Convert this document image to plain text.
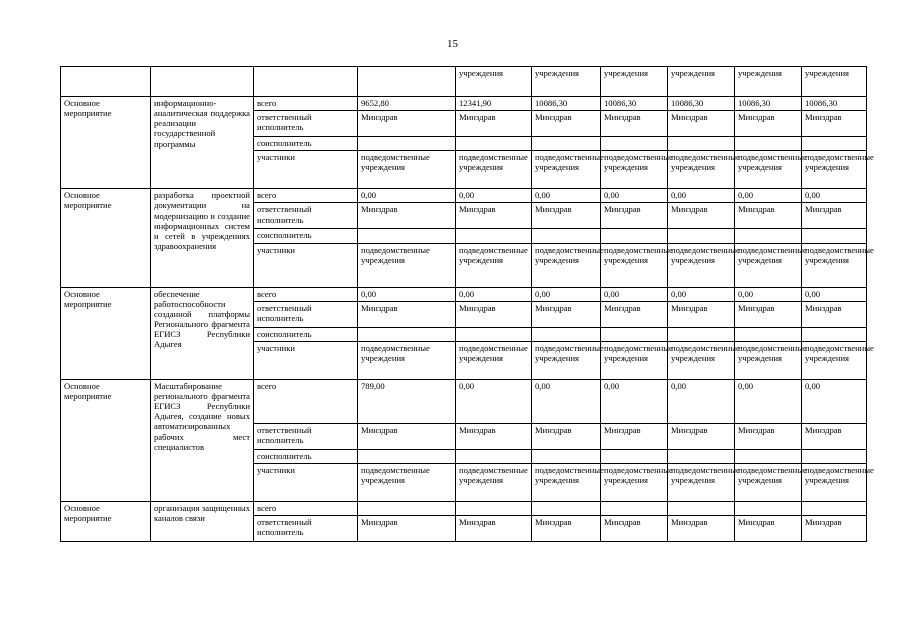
15
				учреждения	учреждения	учреждения	учреждения	учреждения	учреждения
Основное мероприятие	информационно-аналитическая поддержка реализации государственной программы	всего	9652,80	12341,90	10086,30	10086,30	10086,30	10086,30	10086,30
		ответственный исполнитель	Минздрав	Минздрав	Минздрав	Минздрав	Минздрав	Минздрав	Минздрав
		соисполнитель							
		участники	подведомственные учреждения	подведомственные учреждения	подведомственные учреждения	подведомственные учреждения	подведомственные учреждения	подведомственные учреждения	подведомственные учреждения
Основное мероприятие	разработка проектной документации на модернизацию и создание информационных систем и сетей в учреждениях здравоохранения	всего	0,00	0,00	0,00	0,00	0,00	0,00	0,00
		ответственный исполнитель	Минздрав	Минздрав	Минздрав	Минздрав	Минздрав	Минздрав	Минздрав
		соисполнитель							
		участники	подведомственные учреждения	подведомственные учреждения	подведомственные учреждения	подведомственные учреждения	подведомственные учреждения	подведомственные учреждения	подведомственные учреждения
Основное мероприятие	обеспечение работоспособности созданной платформы Регионального фрагмента ЕГИСЗ Республики Адыгея	всего	0,00	0,00	0,00	0,00	0,00	0,00	0,00
		ответственный исполнитель	Минздрав	Минздрав	Минздрав	Минздрав	Минздрав	Минздрав	Минздрав
		соисполнитель							
		участники	подведомственные учреждения	подведомственные учреждения	подведомственные учреждения	подведомственные учреждения	подведомственные учреждения	подведомственные учреждения	подведомственные учреждения
Основное мероприятие	Масштабирование регионального фрагмента ЕГИСЗ Республики Адыгея, создание новых автоматизированных рабочих мест специалистов	всего	789,00	0,00	0,00	0,00	0,00	0,00	0,00
		ответственный исполнитель	Минздрав	Минздрав	Минздрав	Минздрав	Минздрав	Минздрав	Минздрав
		соисполнитель							
		участники	подведомственные учреждения	подведомственные учреждения	подведомственные учреждения	подведомственные учреждения	подведомственные учреждения	подведомственные учреждения	подведомственные учреждения
Основное мероприятие	организация защищенных каналов связи	всего							
		ответственный исполнитель	Минздрав	Минздрав	Минздрав	Минздрав	Минздрав	Минздрав	Минздрав
